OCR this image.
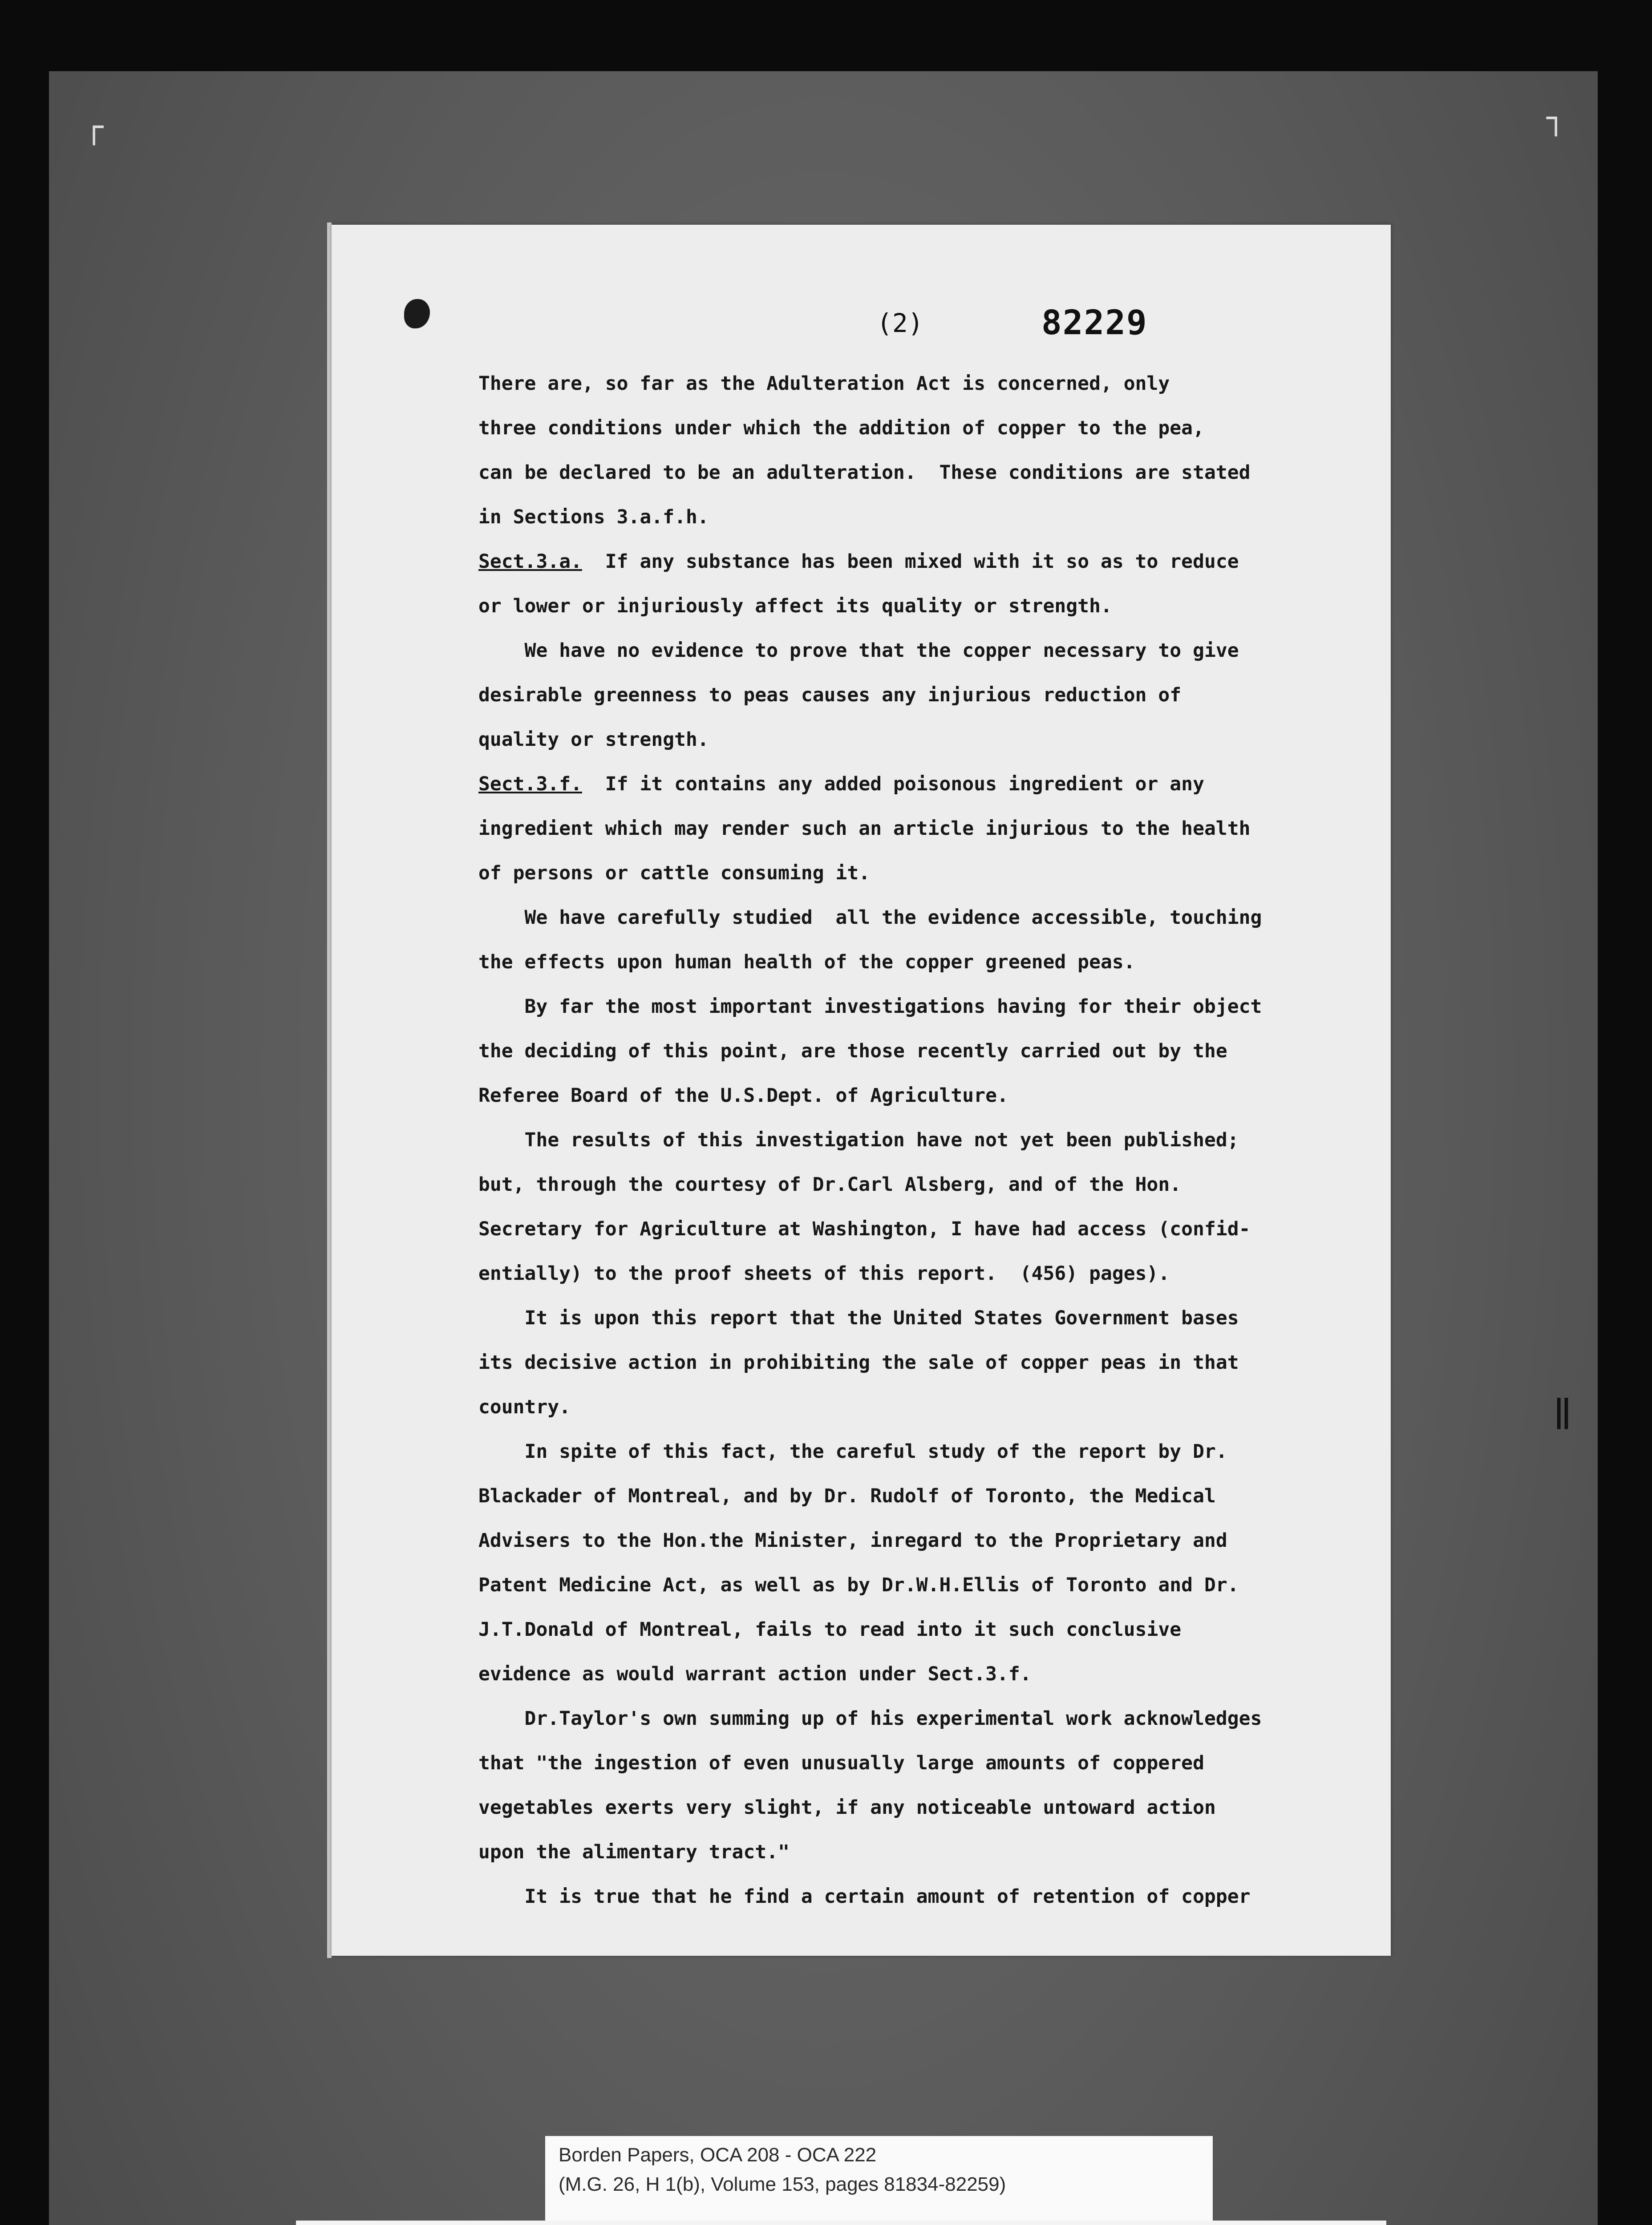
┌	┐
(2)	82229
There are, so far as the Adulteration Act is concerned, only
three conditions under which the addition of copper to the pea,
can be declared to be an adulteration.  These conditions are stated
in Sections 3.a.f.h.
Sect.3.a.  If any substance has been mixed with it so as to reduce
or lower or injuriously affect its quality or strength.
We have no evidence to prove that the copper necessary to give
desirable greenness to peas causes any injurious reduction of
quality or strength.
Sect.3.f.  If it contains any added poisonous ingredient or any
ingredient which may render such an article injurious to the health
of persons or cattle consuming it.
We have carefully studied  all the evidence accessible, touching
the effects upon human health of the copper greened peas.
By far the most important investigations having for their object
the deciding of this point, are those recently carried out by the
Referee Board of the U.S.Dept. of Agriculture.
The results of this investigation have not yet been published;
but, through the courtesy of Dr.Carl Alsberg, and of the Hon.
Secretary for Agriculture at Washington, I have had access (confid-
entially) to the proof sheets of this report.  (456) pages).
It is upon this report that the United States Government bases
its decisive action in prohibiting the sale of copper peas in that
country.
In spite of this fact, the careful study of the report by Dr.
Blackader of Montreal, and by Dr. Rudolf of Toronto, the Medical
Advisers to the Hon.the Minister, inregard to the Proprietary and
Patent Medicine Act, as well as by Dr.W.H.Ellis of Toronto and Dr.
J.T.Donald of Montreal, fails to read into it such conclusive
evidence as would warrant action under Sect.3.f.
Dr.Taylor's own summing up of his experimental work acknowledges
that "the ingestion of even unusually large amounts of coppered
vegetables exerts very slight, if any noticeable untoward action
upon the alimentary tract."
It is true that he find a certain amount of retention of copper
‖
Borden Papers, OCA 208 - OCA 222
(M.G. 26, H 1(b), Volume 153, pages 81834-82259)
